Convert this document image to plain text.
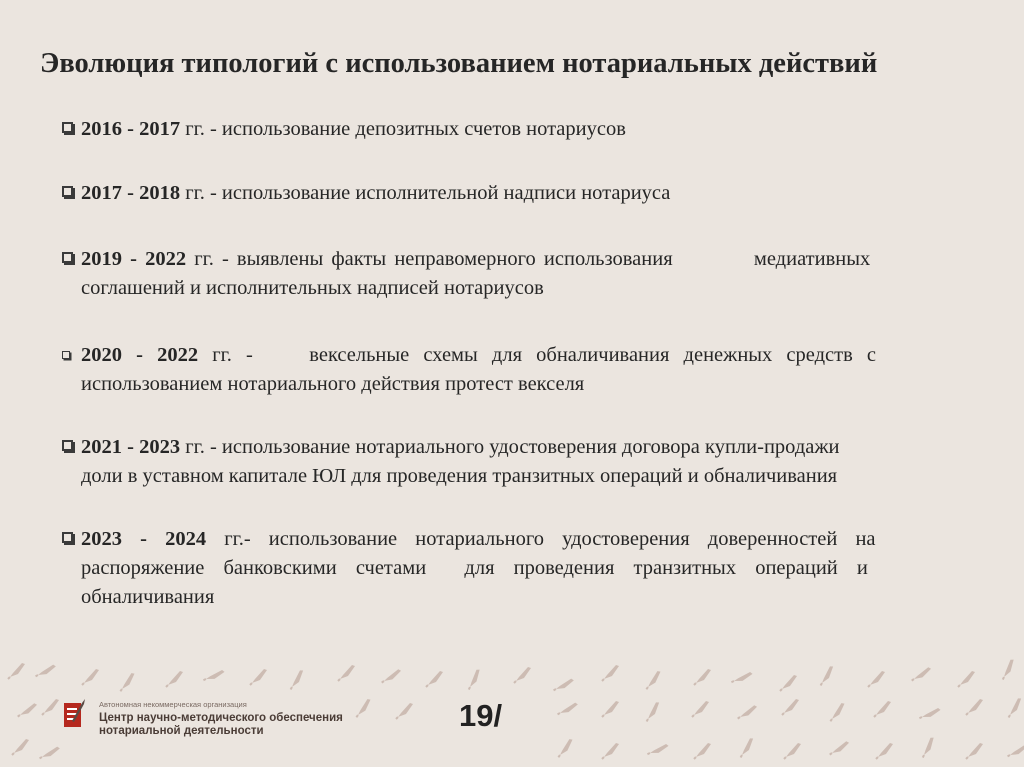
Эволюция типологий с использованием нотариальных действий
2016 - 2017 гг. - использование депозитных счетов нотариусов
2017 - 2018 гг. - использование исполнительной надписи нотариуса
2019 - 2022 гг. - выявлены факты неправомерного использования          медиативных
соглашений и исполнительных надписей нотариусов
2020 - 2022 гг. -    вексельные схемы для обналичивания денежных средств с
использованием нотариального действия протест векселя
2021 - 2023 гг. - использование нотариального удостоверения договора купли-продажи
доли в уставном капитале ЮЛ для проведения транзитных операций и обналичивания
2023 - 2024 гг.- использование нотариального удостоверения доверенностей на
распоряжение банковскими счетами  для проведения транзитных операций и
обналичивания
Автономная некоммерческая организация
Центр научно-методического обеспечения
нотариальной деятельности	19/
